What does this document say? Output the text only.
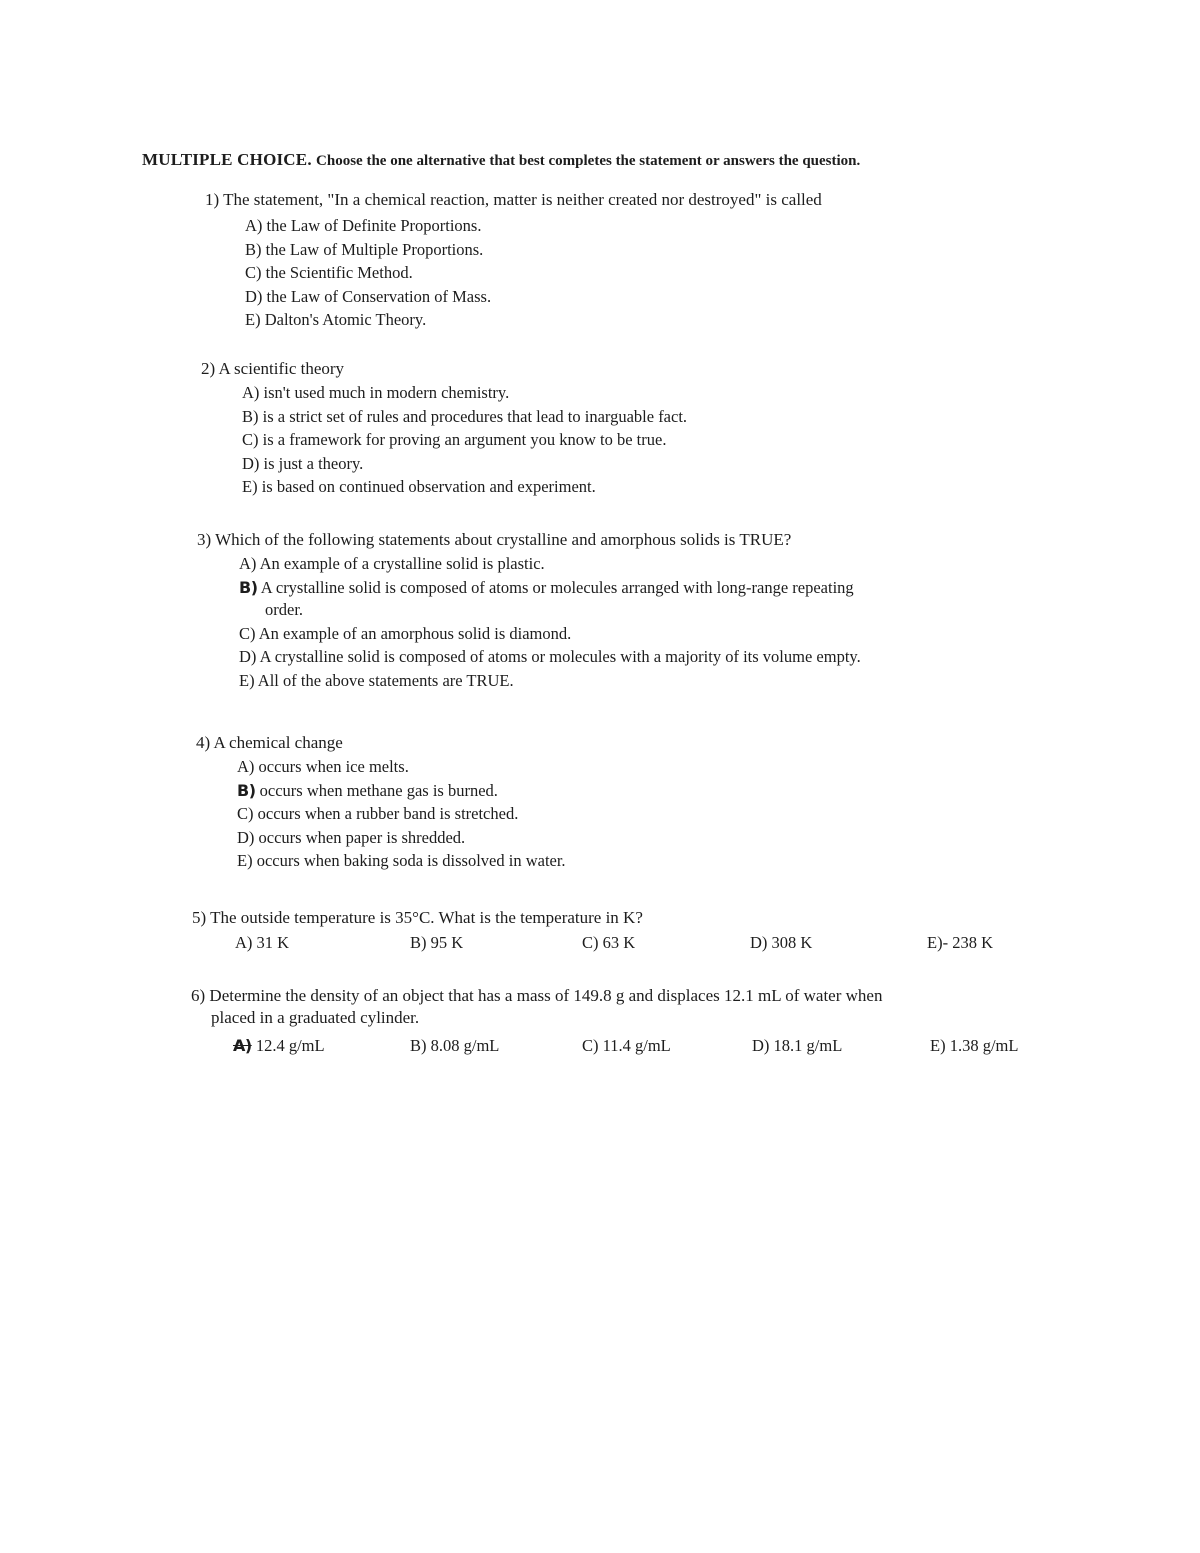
MULTIPLE CHOICE. Choose the one alternative that best completes the statement or answers the question.
1) The statement, "In a chemical reaction, matter is neither created nor destroyed" is called
A) the Law of Definite Proportions.
B) the Law of Multiple Proportions.
C) the Scientific Method.
D) the Law of Conservation of Mass.
E) Dalton's Atomic Theory.
2) A scientific theory
A) isn't used much in modern chemistry.
B) is a strict set of rules and procedures that lead to inarguable fact.
C) is a framework for proving an argument you know to be true.
D) is just a theory.
E) is based on continued observation and experiment.
3) Which of the following statements about crystalline and amorphous solids is TRUE?
A) An example of a crystalline solid is plastic.
B) A crystalline solid is composed of atoms or molecules arranged with long-range repeating
order.
C) An example of an amorphous solid is diamond.
D) A crystalline solid is composed of atoms or molecules with a majority of its volume empty.
E) All of the above statements are TRUE.
4) A chemical change
A) occurs when ice melts.
B) occurs when methane gas is burned.
C) occurs when a rubber band is stretched.
D) occurs when paper is shredded.
E) occurs when baking soda is dissolved in water.
5) The outside temperature is 35°C. What is the temperature in K?
A) 31 K	B) 95 K	C) 63 K	D) 308 K	E)- 238 K
6) Determine the density of an object that has a mass of 149.8 g and displaces 12.1 mL of water when
placed in a graduated cylinder.
A) 12.4 g/mL	B) 8.08 g/mL	C) 11.4 g/mL	D) 18.1 g/mL	E) 1.38 g/mL
